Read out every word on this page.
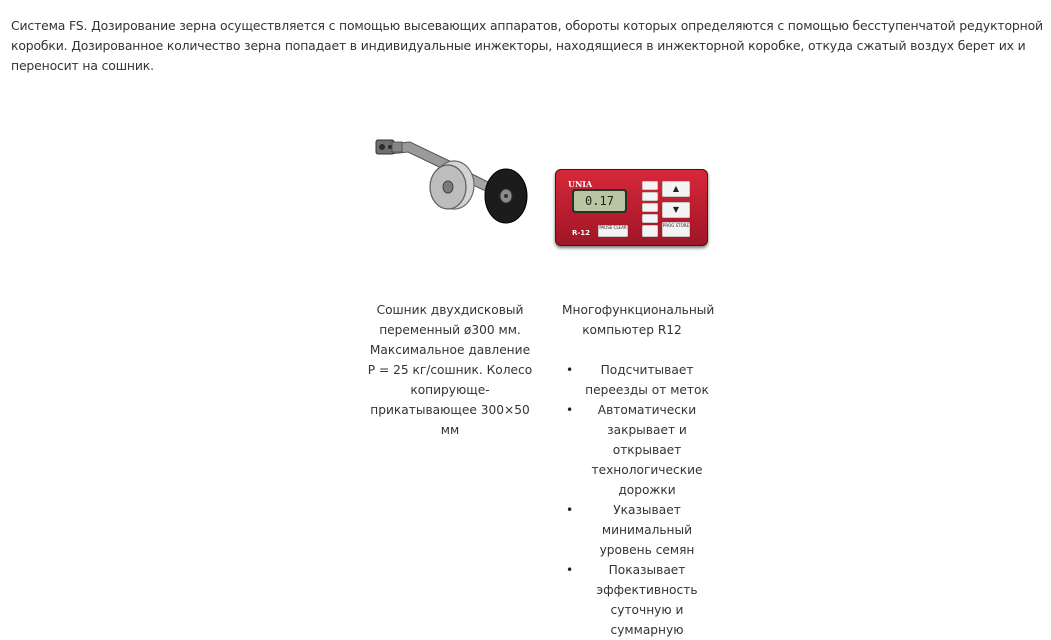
Система FS. Дозирование зерна осуществляется с помощью высевающих аппаратов, обороты которых определяются с помощью бесступенчатой редукторной коробки. Дозированное количество зерна попадает в индивидуальные инжекторы, находящиеся в инжекторной коробке, откуда сжатый воздух берет их и переносит на сошник.

Сошник двухдисковый переменный ø300 мм. Максимальное давление P = 25 кг/сошник. Колесо копирующе-прикатывающее 300×50 мм

UNIA
0.17
R-12
PAUSE CLEAR
▲
▼
PROG STORE

Многофункциональный компьютер R12

• Подсчитывает переезды от меток
• Автоматически закрывает и открывает технологические дорожки
•	Указывает минимальный уровень семян
•	Показывает эффективность суточную и суммарную
